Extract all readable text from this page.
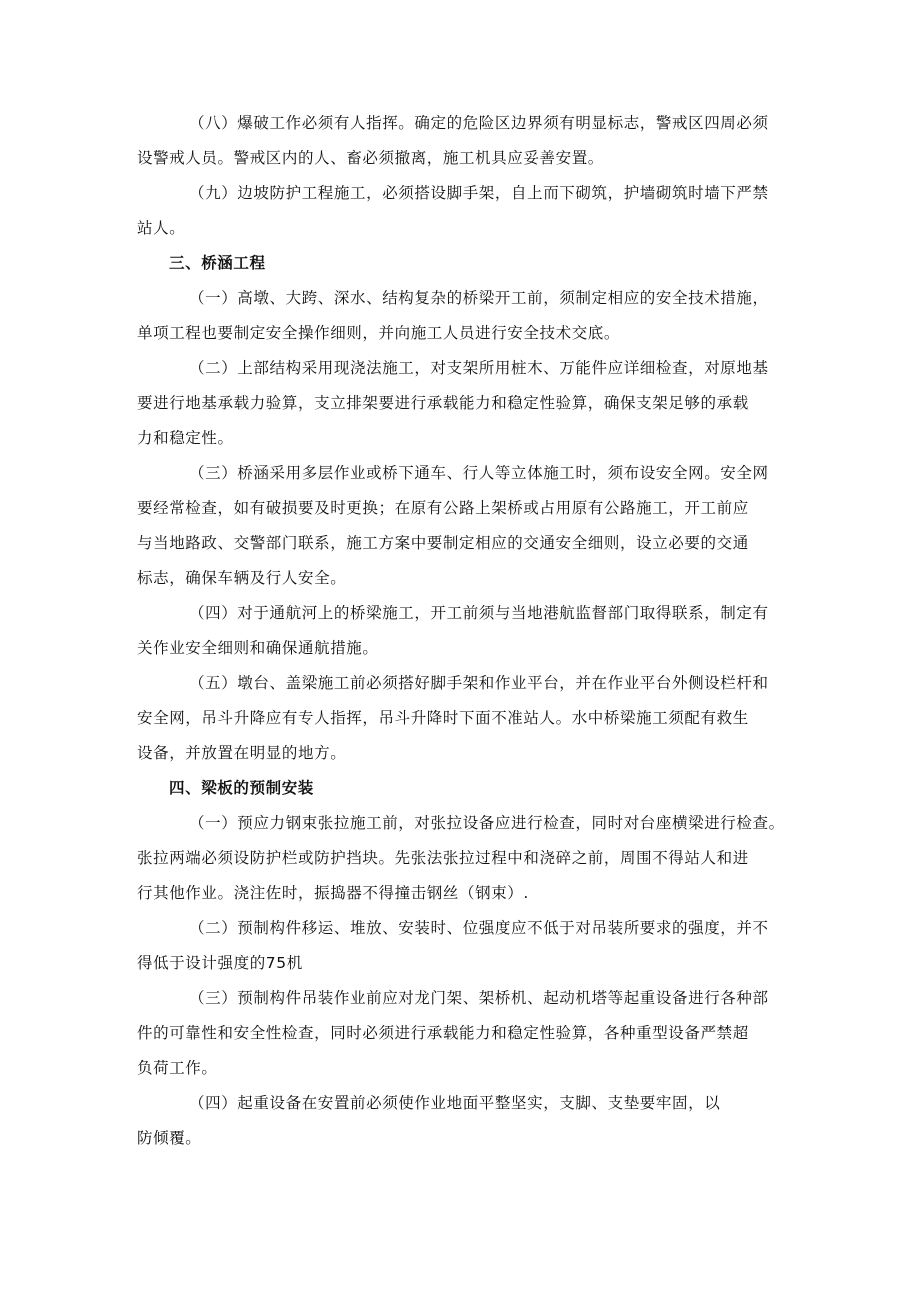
（八）爆破工作必须有人指挥。确定的危险区边界须有明显标志，警戒区四周必须
设警戒人员。警戒区内的人、畜必须撤离，施工机具应妥善安置。
（九）边坡防护工程施工，必须搭设脚手架，自上而下砌筑，护墙砌筑时墙下严禁
站人。
三、桥涵工程
（一）高墩、大跨、深水、结构复杂的桥梁开工前，须制定相应的安全技术措施，
单项工程也要制定安全操作细则，并向施工人员进行安全技术交底。
（二）上部结构采用现浇法施工，对支架所用桩木、万能件应详细检查，对原地基
要进行地基承载力验算，支立排架要进行承载能力和稳定性验算，确保支架足够的承载
力和稳定性。
（三）桥涵采用多层作业或桥下通车、行人等立体施工时，须布设安全网。安全网
要经常检查，如有破损要及时更换；在原有公路上架桥或占用原有公路施工，开工前应
与当地路政、交警部门联系，施工方案中要制定相应的交通安全细则，设立必要的交通
标志，确保车辆及行人安全。
（四）对于通航河上的桥梁施工，开工前须与当地港航监督部门取得联系，制定有
关作业安全细则和确保通航措施。
（五）墩台、盖梁施工前必须搭好脚手架和作业平台，并在作业平台外侧设栏杆和
安全网，吊斗升降应有专人指挥，吊斗升降时下面不准站人。水中桥梁施工须配有救生
设备，并放置在明显的地方。
四、梁板的预制安装
（一）预应力钢束张拉施工前，对张拉设备应进行检查，同时对台座横梁进行检查。
张拉两端必须设防护栏或防护挡块。先张法张拉过程中和浇碎之前，周围不得站人和进
行其他作业。浇注佐时，振捣器不得撞击钢丝（钢束）.
（二）预制构件移运、堆放、安装时、位强度应不低于对吊装所要求的强度，并不
得低于设计强度的75机
（三）预制构件吊装作业前应对龙门架、架桥机、起动机塔等起重设备进行各种部
件的可靠性和安全性检查，同时必须进行承载能力和稳定性验算，各种重型设备严禁超
负荷工作。
（四）起重设备在安置前必须使作业地面平整坚实，支脚、支垫要牢固，以
防倾覆。
